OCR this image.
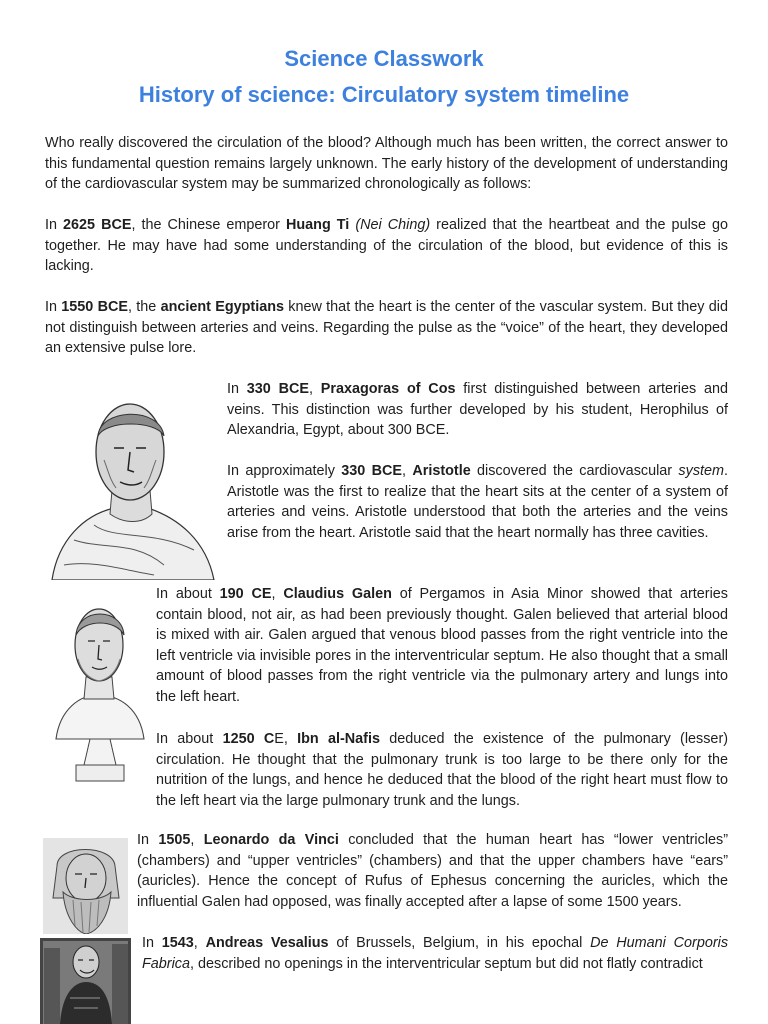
Science Classwork
History of science: Circulatory system timeline

Who really discovered the circulation of the blood? Although much has been written, the correct answer to this fundamental question remains largely unknown. The early history of the development of understanding of the cardiovascular system may be summarized chronologically as follows:

In 2625 BCE, the Chinese emperor Huang Ti (Nei Ching) realized that the heartbeat and the pulse go together. He may have had some understanding of the circulation of the blood, but evidence of this is lacking.

In 1550 BCE, the ancient Egyptians knew that the heart is the center of the vascular system. But they did not distinguish between arteries and veins. Regarding the pulse as the “voice” of the heart, they developed an extensive pulse lore.

In 330 BCE, Praxagoras of Cos first distinguished between arteries and veins. This distinction was further developed by his student, Herophilus of Alexandria, Egypt, about 300 BCE.

In approximately 330 BCE, Aristotle discovered the cardiovascular system. Aristotle was the first to realize that the heart sits at the center of a system of arteries and veins. Aristotle understood that both the arteries and the veins arise from the heart. Aristotle said that the heart normally has three cavities.

In about 190 CE, Claudius Galen of Pergamos in Asia Minor showed that arteries contain blood, not air, as had been previously thought. Galen believed that arterial blood is mixed with air. Galen argued that venous blood passes from the right ventricle into the left ventricle via invisible pores in the interventricular septum. He also thought that a small amount of blood passes from the right ventricle via the pulmonary artery and lungs into the left heart.

In about 1250 CE, Ibn al-Nafis deduced the existence of the pulmonary (lesser) circulation. He thought that the pulmonary trunk is too large to be there only for the nutrition of the lungs, and hence he deduced that the blood of the right heart must flow to the left heart via the large pulmonary trunk and the lungs.

In 1505, Leonardo da Vinci concluded that the human heart has “lower ventricles” (chambers) and “upper ventricles” (chambers) and that the upper chambers have “ears” (auricles). Hence the concept of Rufus of Ephesus concerning the auricles, which the influential Galen had opposed, was finally accepted after a lapse of some 1500 years.

In 1543, Andreas Vesalius of Brussels, Belgium, in his epochal De Humani Corporis Fabrica, described no openings in the interventricular septum but did not flatly contradict
